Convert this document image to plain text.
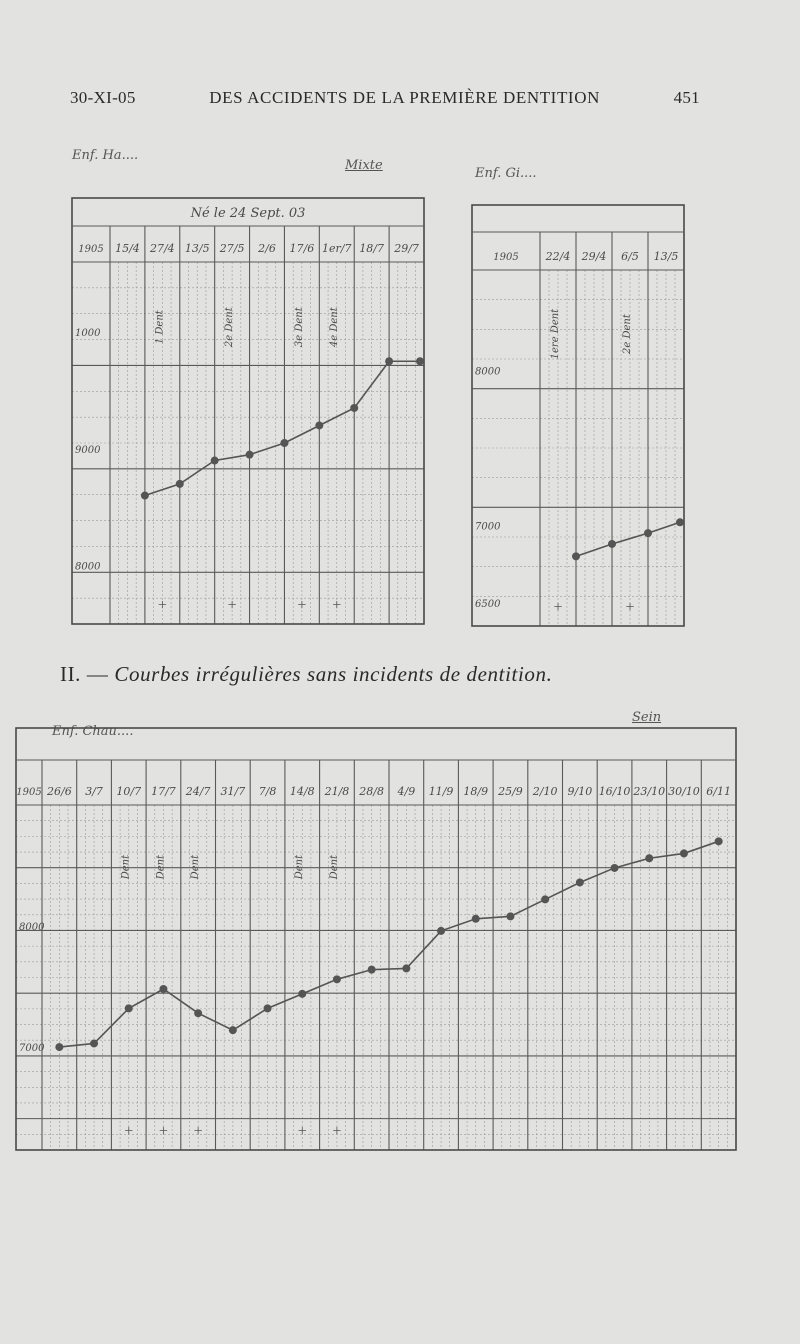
30-XI-05	DES ACCIDENTS DE LA PREMIÈRE DENTITION	451
Enf. Ha....
Mixte
Enf. Gi....
Enf. Chau....
Sein
II. — Courbes irrégulières sans incidents de dentition.
Né le 24 Sept. 03
1905 15/4 27/4 13/5 27/5 2/6 17/6 1er/7 18/7 29/7
1000
9000
8000
1 Dent	2e Dent	3e Dent 4e Dent
+	+	+ +
1905 22/4 29/4 6/5 13/5
8000
7000
6500
1ere Dent	2e Dent
+	+
1905 26/6 3/7 10/7 17/7 24/7 31/7 7/8 14/8 21/8 28/8 4/9 11/9 18/9 25/9 2/10 9/10 16/10 23/10 30/10 6/11
8000
7000
Dent Dent Dent	Dent Dent
+ + +	+ +
